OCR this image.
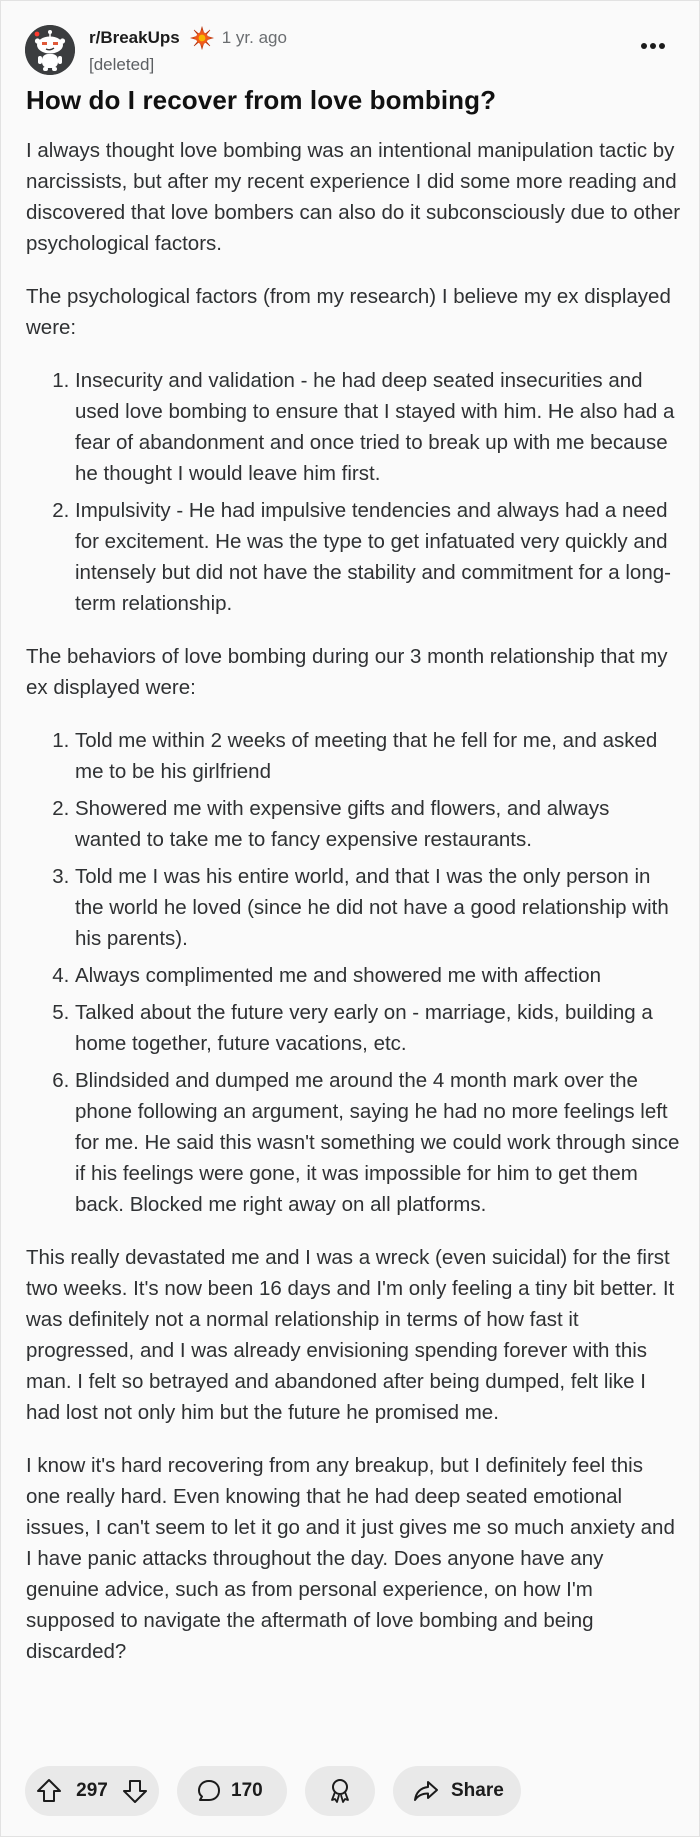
r/BreakUps 1 yr. ago
[deleted]
How do I recover from love bombing?

I always thought love bombing was an intentional manipulation tactic by narcissists, but after my recent experience I did some more reading and discovered that love bombers can also do it subconsciously due to other psychological factors.

The psychological factors (from my research) I believe my ex displayed were:

1. Insecurity and validation - he had deep seated insecurities and used love bombing to ensure that I stayed with him. He also had a fear of abandonment and once tried to break up with me because he thought I would leave him first.
2. Impulsivity - He had impulsive tendencies and always had a need for excitement. He was the type to get infatuated very quickly and intensely but did not have the stability and commitment for a long-term relationship.

The behaviors of love bombing during our 3 month relationship that my ex displayed were:

1. Told me within 2 weeks of meeting that he fell for me, and asked me to be his girlfriend
2. Showered me with expensive gifts and flowers, and always wanted to take me to fancy expensive restaurants.
3. Told me I was his entire world, and that I was the only person in the world he loved (since he did not have a good relationship with his parents).
4. Always complimented me and showered me with affection
5. Talked about the future very early on - marriage, kids, building a home together, future vacations, etc.
6. Blindsided and dumped me around the 4 month mark over the phone following an argument, saying he had no more feelings left for me. He said this wasn't something we could work through since if his feelings were gone, it was impossible for him to get them back. Blocked me right away on all platforms.

This really devastated me and I was a wreck (even suicidal) for the first two weeks. It's now been 16 days and I'm only feeling a tiny bit better. It was definitely not a normal relationship in terms of how fast it progressed, and I was already envisioning spending forever with this man. I felt so betrayed and abandoned after being dumped, felt like I had lost not only him but the future he promised me.

I know it's hard recovering from any breakup, but I definitely feel this one really hard. Even knowing that he had deep seated emotional issues, I can't seem to let it go and it just gives me so much anxiety and I have panic attacks throughout the day. Does anyone have any genuine advice, such as from personal experience, on how I'm supposed to navigate the aftermath of love bombing and being discarded?

297	170	Share
